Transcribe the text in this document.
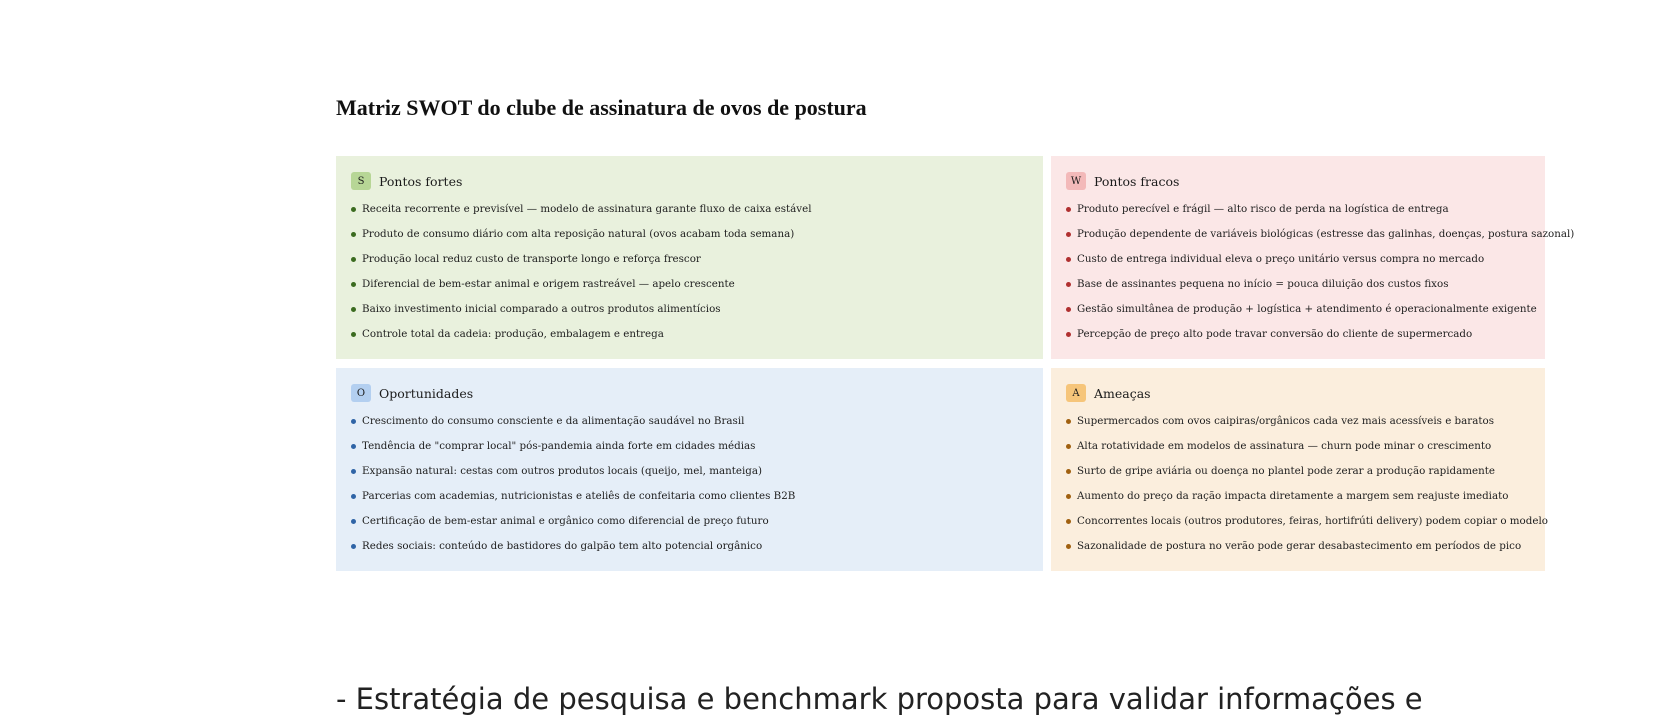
Matriz SWOT do clube de assinatura de ovos de postura
S	Pontos fortes
Receita recorrente e previsível — modelo de assinatura garante fluxo de caixa estável
Produto de consumo diário com alta reposição natural (ovos acabam toda semana)
Produção local reduz custo de transporte longo e reforça frescor
Diferencial de bem-estar animal e origem rastreável — apelo crescente
Baixo investimento inicial comparado a outros produtos alimentícios
Controle total da cadeia: produção, embalagem e entrega
W	Pontos fracos
Produto perecível e frágil — alto risco de perda na logística de entrega
Produção dependente de variáveis biológicas (estresse das galinhas, doenças, postura sazonal)
Custo de entrega individual eleva o preço unitário versus compra no mercado
Base de assinantes pequena no início = pouca diluição dos custos fixos
Gestão simultânea de produção + logística + atendimento é operacionalmente exigente
Percepção de preço alto pode travar conversão do cliente de supermercado
O	Oportunidades
Crescimento do consumo consciente e da alimentação saudável no Brasil
Tendência de "comprar local" pós-pandemia ainda forte em cidades médias
Expansão natural: cestas com outros produtos locais (queijo, mel, manteiga)
Parcerias com academias, nutricionistas e ateliês de confeitaria como clientes B2B
Certificação de bem-estar animal e orgânico como diferencial de preço futuro
Redes sociais: conteúdo de bastidores do galpão tem alto potencial orgânico
A	Ameaças
Supermercados com ovos caipiras/orgânicos cada vez mais acessíveis e baratos
Alta rotatividade em modelos de assinatura — churn pode minar o crescimento
Surto de gripe aviária ou doença no plantel pode zerar a produção rapidamente
Aumento do preço da ração impacta diretamente a margem sem reajuste imediato
Concorrentes locais (outros produtores, feiras, hortifrúti delivery) podem copiar o modelo
Sazonalidade de postura no verão pode gerar desabastecimento em períodos de pico
- Estratégia de pesquisa e benchmark proposta para validar informações e
